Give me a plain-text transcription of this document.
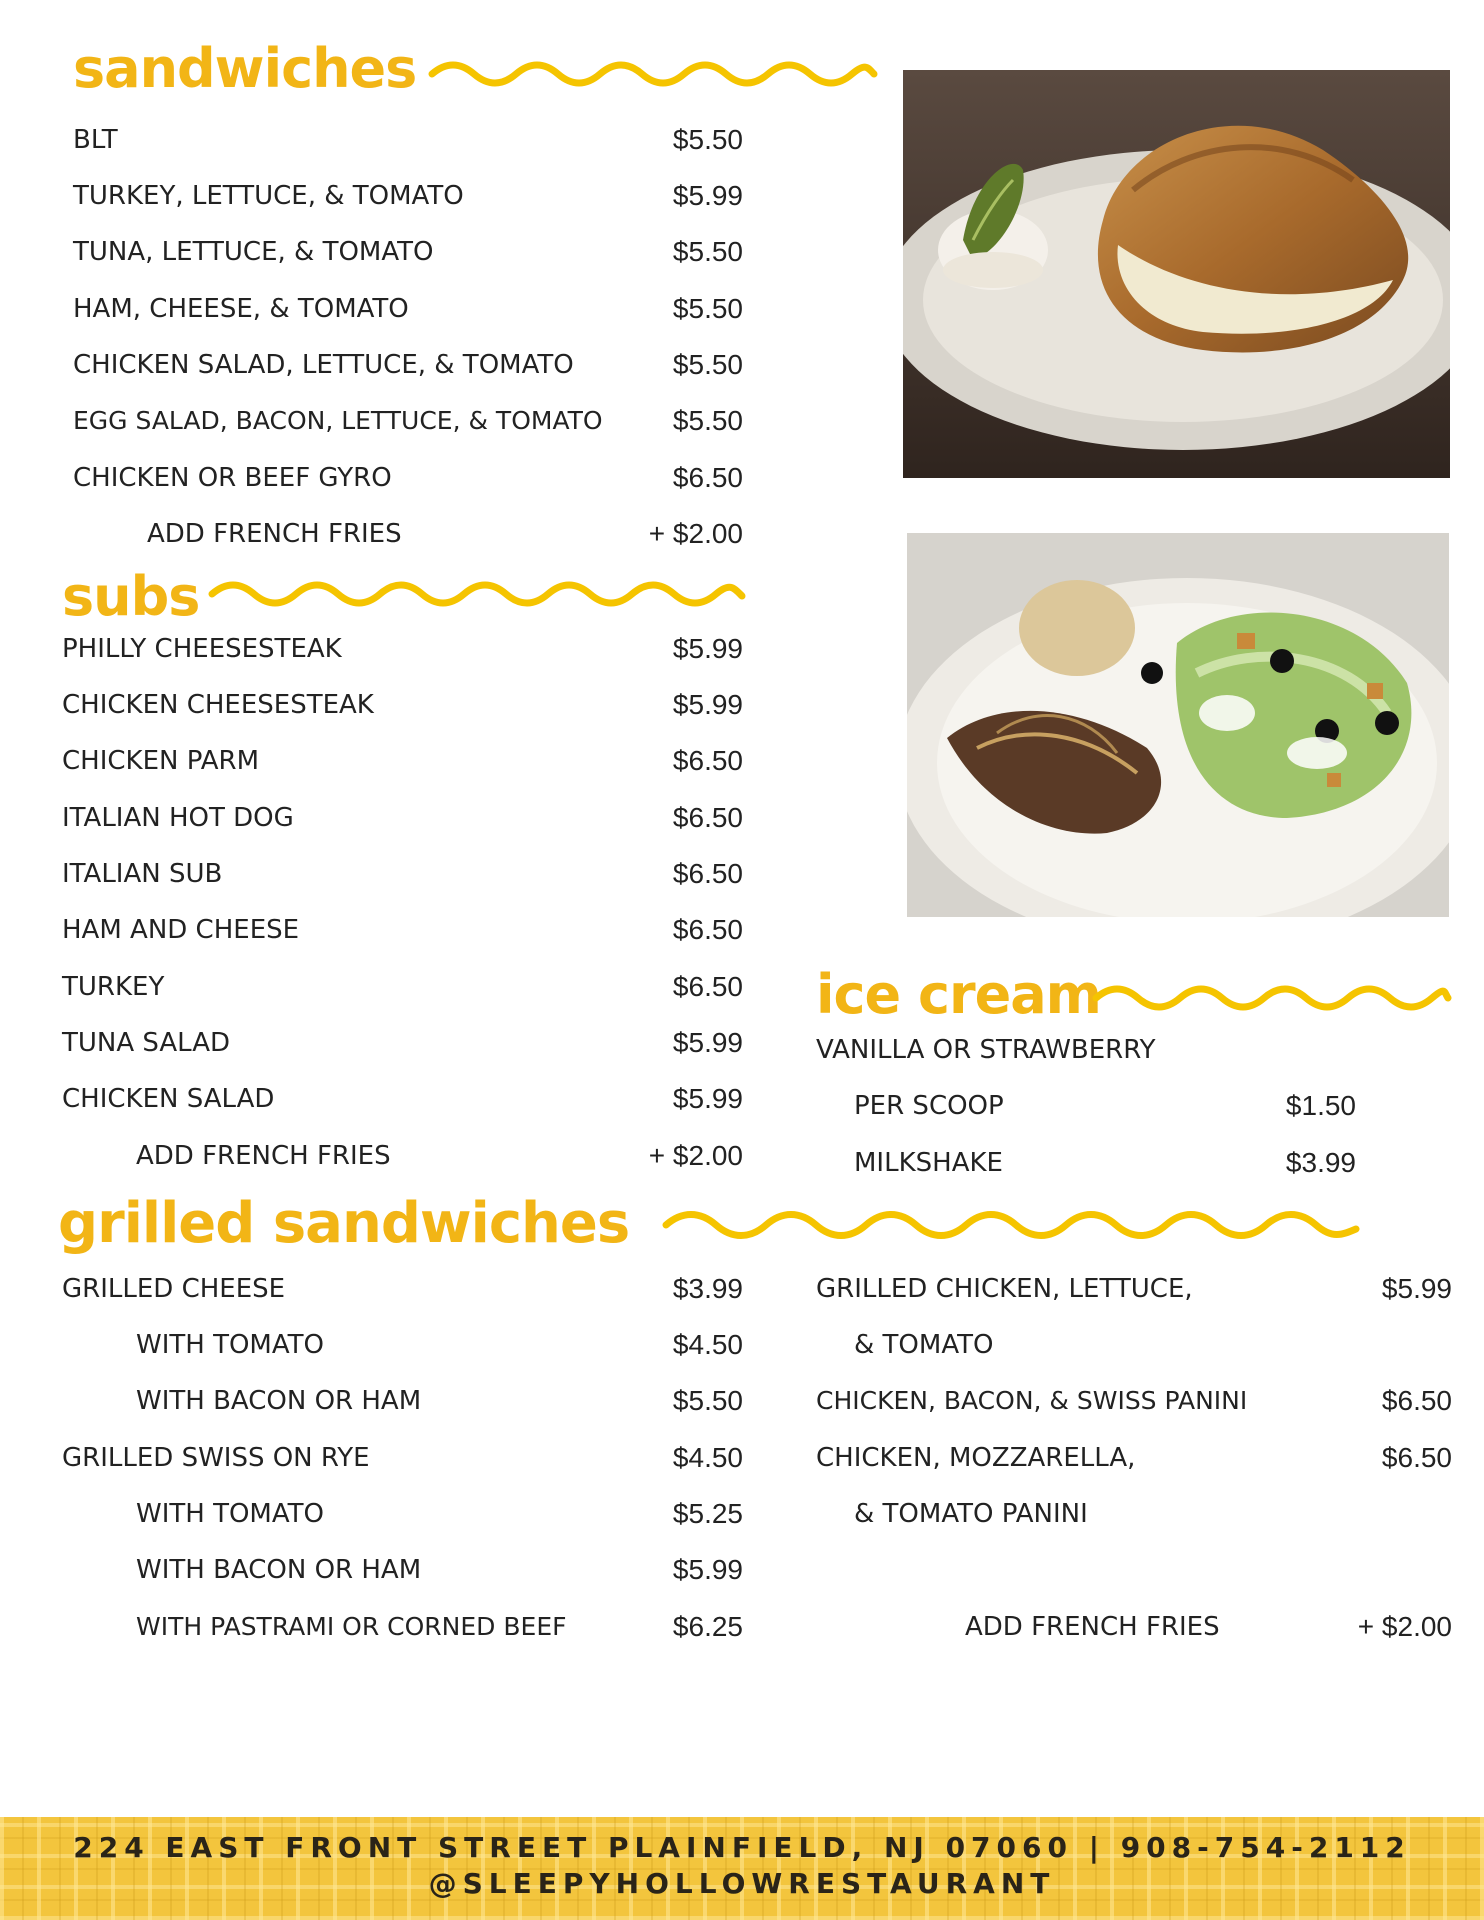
sandwiches
BLT	$5.50
TURKEY, LETTUCE, & TOMATO	$5.99
TUNA, LETTUCE, & TOMATO	$5.50
HAM, CHEESE, & TOMATO	$5.50
CHICKEN SALAD, LETTUCE, & TOMATO	$5.50
EGG SALAD, BACON, LETTUCE, & TOMATO	$5.50
CHICKEN OR BEEF GYRO	$6.50
ADD FRENCH FRIES	+ $2.00
subs
PHILLY CHEESESTEAK	$5.99
CHICKEN CHEESESTEAK	$5.99
CHICKEN PARM	$6.50
ITALIAN HOT DOG	$6.50
ITALIAN SUB	$6.50
HAM AND CHEESE	$6.50
TURKEY	$6.50
TUNA SALAD	$5.99
CHICKEN SALAD	$5.99
ADD FRENCH FRIES	+ $2.00
ice cream
VANILLA OR STRAWBERRY
PER SCOOP	$1.50
MILKSHAKE	$3.99
grilled sandwiches
GRILLED CHEESE	$3.99
WITH TOMATO	$4.50
WITH BACON OR HAM	$5.50
GRILLED SWISS ON RYE	$4.50
WITH TOMATO	$5.25
WITH BACON OR HAM	$5.99
WITH PASTRAMI OR CORNED BEEF	$6.25
GRILLED CHICKEN, LETTUCE,	$5.99
& TOMATO
CHICKEN, BACON, & SWISS PANINI	$6.50
CHICKEN, MOZZARELLA,	$6.50
& TOMATO PANINI
ADD FRENCH FRIES	+ $2.00
224 EAST FRONT STREET PLAINFIELD, NJ 07060 | 908-754-2112
@SLEEPYHOLLOWRESTAURANT
